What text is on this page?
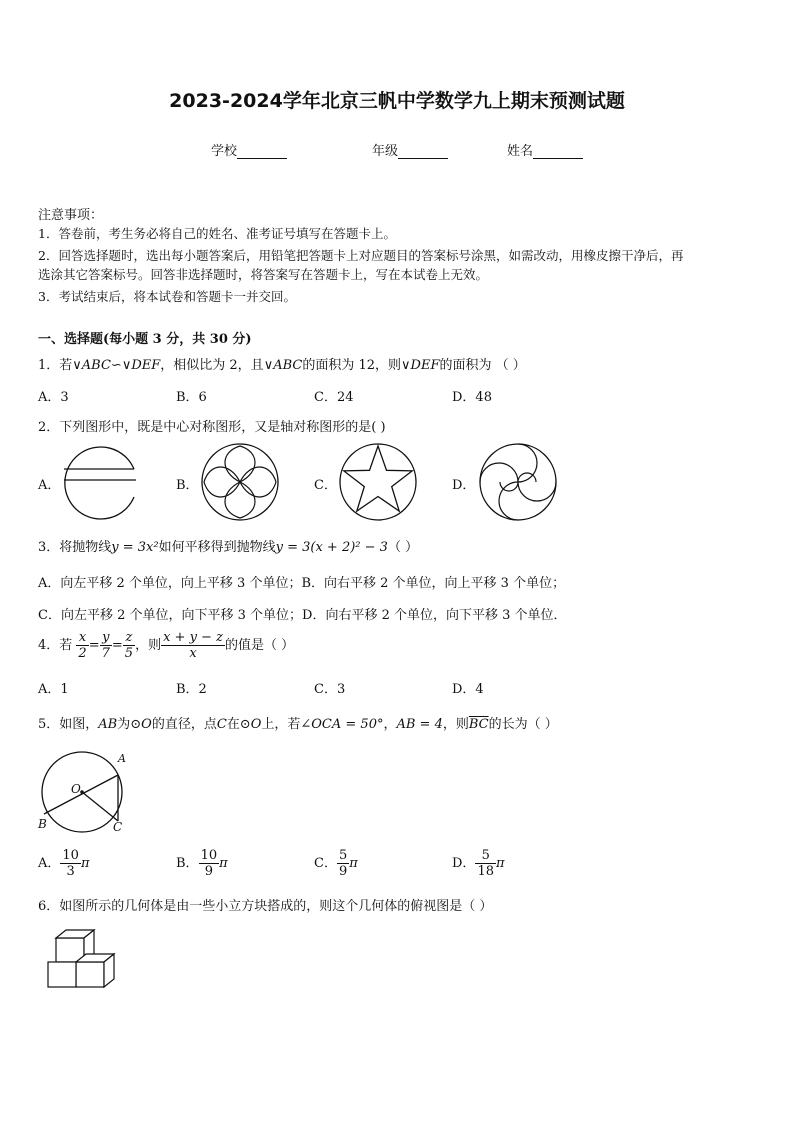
2023-2024学年北京三帆中学数学九上期末预测试题
学校	年级	姓名
注意事项：
1．答卷前，考生务必将自己的姓名、准考证号填写在答题卡上。
2．回答选择题时，选出每小题答案后，用铅笔把答题卡上对应题目的答案标号涂黑，如需改动，用橡皮擦干净后，再
选涂其它答案标号。回答非选择题时，将答案写在答题卡上，写在本试卷上无效。
3．考试结束后，将本试卷和答题卡一并交回。
一、选择题(每小题 3 分，共 30 分)
1．若∨ABC∽∨DEF，相似比为 2，且∨ABC的面积为 12，则∨DEF的面积为 （ ）
A．3	B．6	C．24	D．48
2．下列图形中，既是中心对称图形，又是轴对称图形的是( )
A．	B．	C．	D．
3．将抛物线y = 3x²如何平移得到抛物线y = 3(x + 2)² − 3（ ）
A．向左平移 2 个单位，向上平移 3 个单位；B．向右平移 2 个单位，向上平移 3 个单位；
C．向左平移 2 个单位，向下平移 3 个单位；D．向右平移 2 个单位，向下平移 3 个单位．
4．若 $\frac{x}{2} = \frac{y}{7} = \frac{z}{5}$ ，则 $\frac{x + y - z}{x}$ 的值是（ ）
A．1	B．2	C．3	D．4
5．如图，AB为⊙O的直径，点C在⊙O上，若∠OCA = 50°，AB = 4，则$\overline{BC}$的长为（ ）
A
O
B	C
A． $\frac{10}{3}$ π	B． $\frac{10}{9}$ π	C． $\frac{5}{9}$ π	D． $\frac{5}{18}$ π
6．如图所示的几何体是由一些小立方块搭成的，则这个几何体的俯视图是（ ）
